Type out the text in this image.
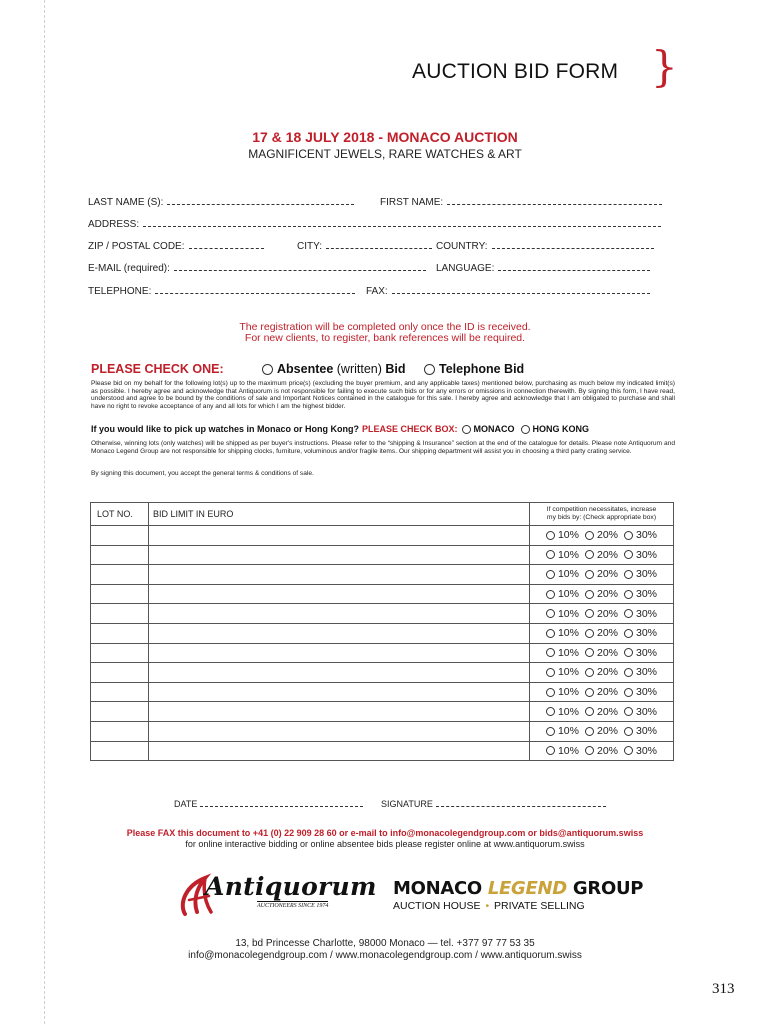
AUCTION BID FORM }
17 & 18 JULY 2018 - MONACO AUCTION
MAGNIFICENT JEWELS, RARE WATCHES & ART
LAST NAME (S):	FIRST NAME:
ADDRESS:
ZIP / POSTAL CODE:	CITY:	COUNTRY:
E-MAIL (required):	LANGUAGE:
TELEPHONE:	FAX:
The registration will be completed only once the ID is received.
For new clients, to register, bank references will be required.
PLEASE CHECK ONE:	Absentee (written) Bid	Telephone Bid
Please bid on my behalf for the following lot(s) up to the maximum price(s) (excluding the buyer premium, and any applicable taxes) mentioned below, purchasing as much below my indicated limit(s) as possible. I hereby agree and acknowledge that Antiquorum is not responsible for failing to execute such bids or for any errors or omissions in connection therewith. By signing this form, I have read, understood and agree to be bound by the conditions of sale and Important Notices contained in the catalogue for this sale. I hereby agree and acknowledge that I am obligated to purchase and shall have no right to revoke acceptance of any and all lots for which I am the highest bidder.
If you would like to pick up watches in Monaco or Hong Kong? PLEASE CHECK BOX: MONACO HONG KONG
Otherwise, winning lots (only watches) will be shipped as per buyer's instructions. Please refer to the “shipping & Insurance” section at the end of the catalogue for details. Please note Antiquorum and Monaco Legend Group are not responsible for shipping clocks, furniture, voluminous and/or fragile items. Our shipping department will assist you in choosing a third party crating service.
By signing this document, you accept the general terms & conditions of sale.
LOT NO.	BID LIMIT IN EURO	If competition necessitates, increase
my bids by: (Check appropriate box)

		10% 20% 30%

		10% 20% 30%

		10% 20% 30%

		10% 20% 30%

		10% 20% 30%

		10% 20% 30%

		10% 20% 30%

		10% 20% 30%

		10% 20% 30%

		10% 20% 30%

		10% 20% 30%

		10% 20% 30%
DATE	SIGNATURE
Please FAX this document to +41 (0) 22 909 28 60 or e-mail to info@monacolegendgroup.com or bids@antiquorum.swiss
for online interactive bidding or online absentee bids please register online at www.antiquorum.swiss
Antiquorum
AUCTIONEERS SINCE 1974
MONACO LEGEND GROUP
AUCTION HOUSE • PRIVATE SELLING
13, bd Princesse Charlotte, 98000 Monaco — tel. +377 97 77 53 35
info@monacolegendgroup.com / www.monacolegendgroup.com / www.antiquorum.swiss
313
